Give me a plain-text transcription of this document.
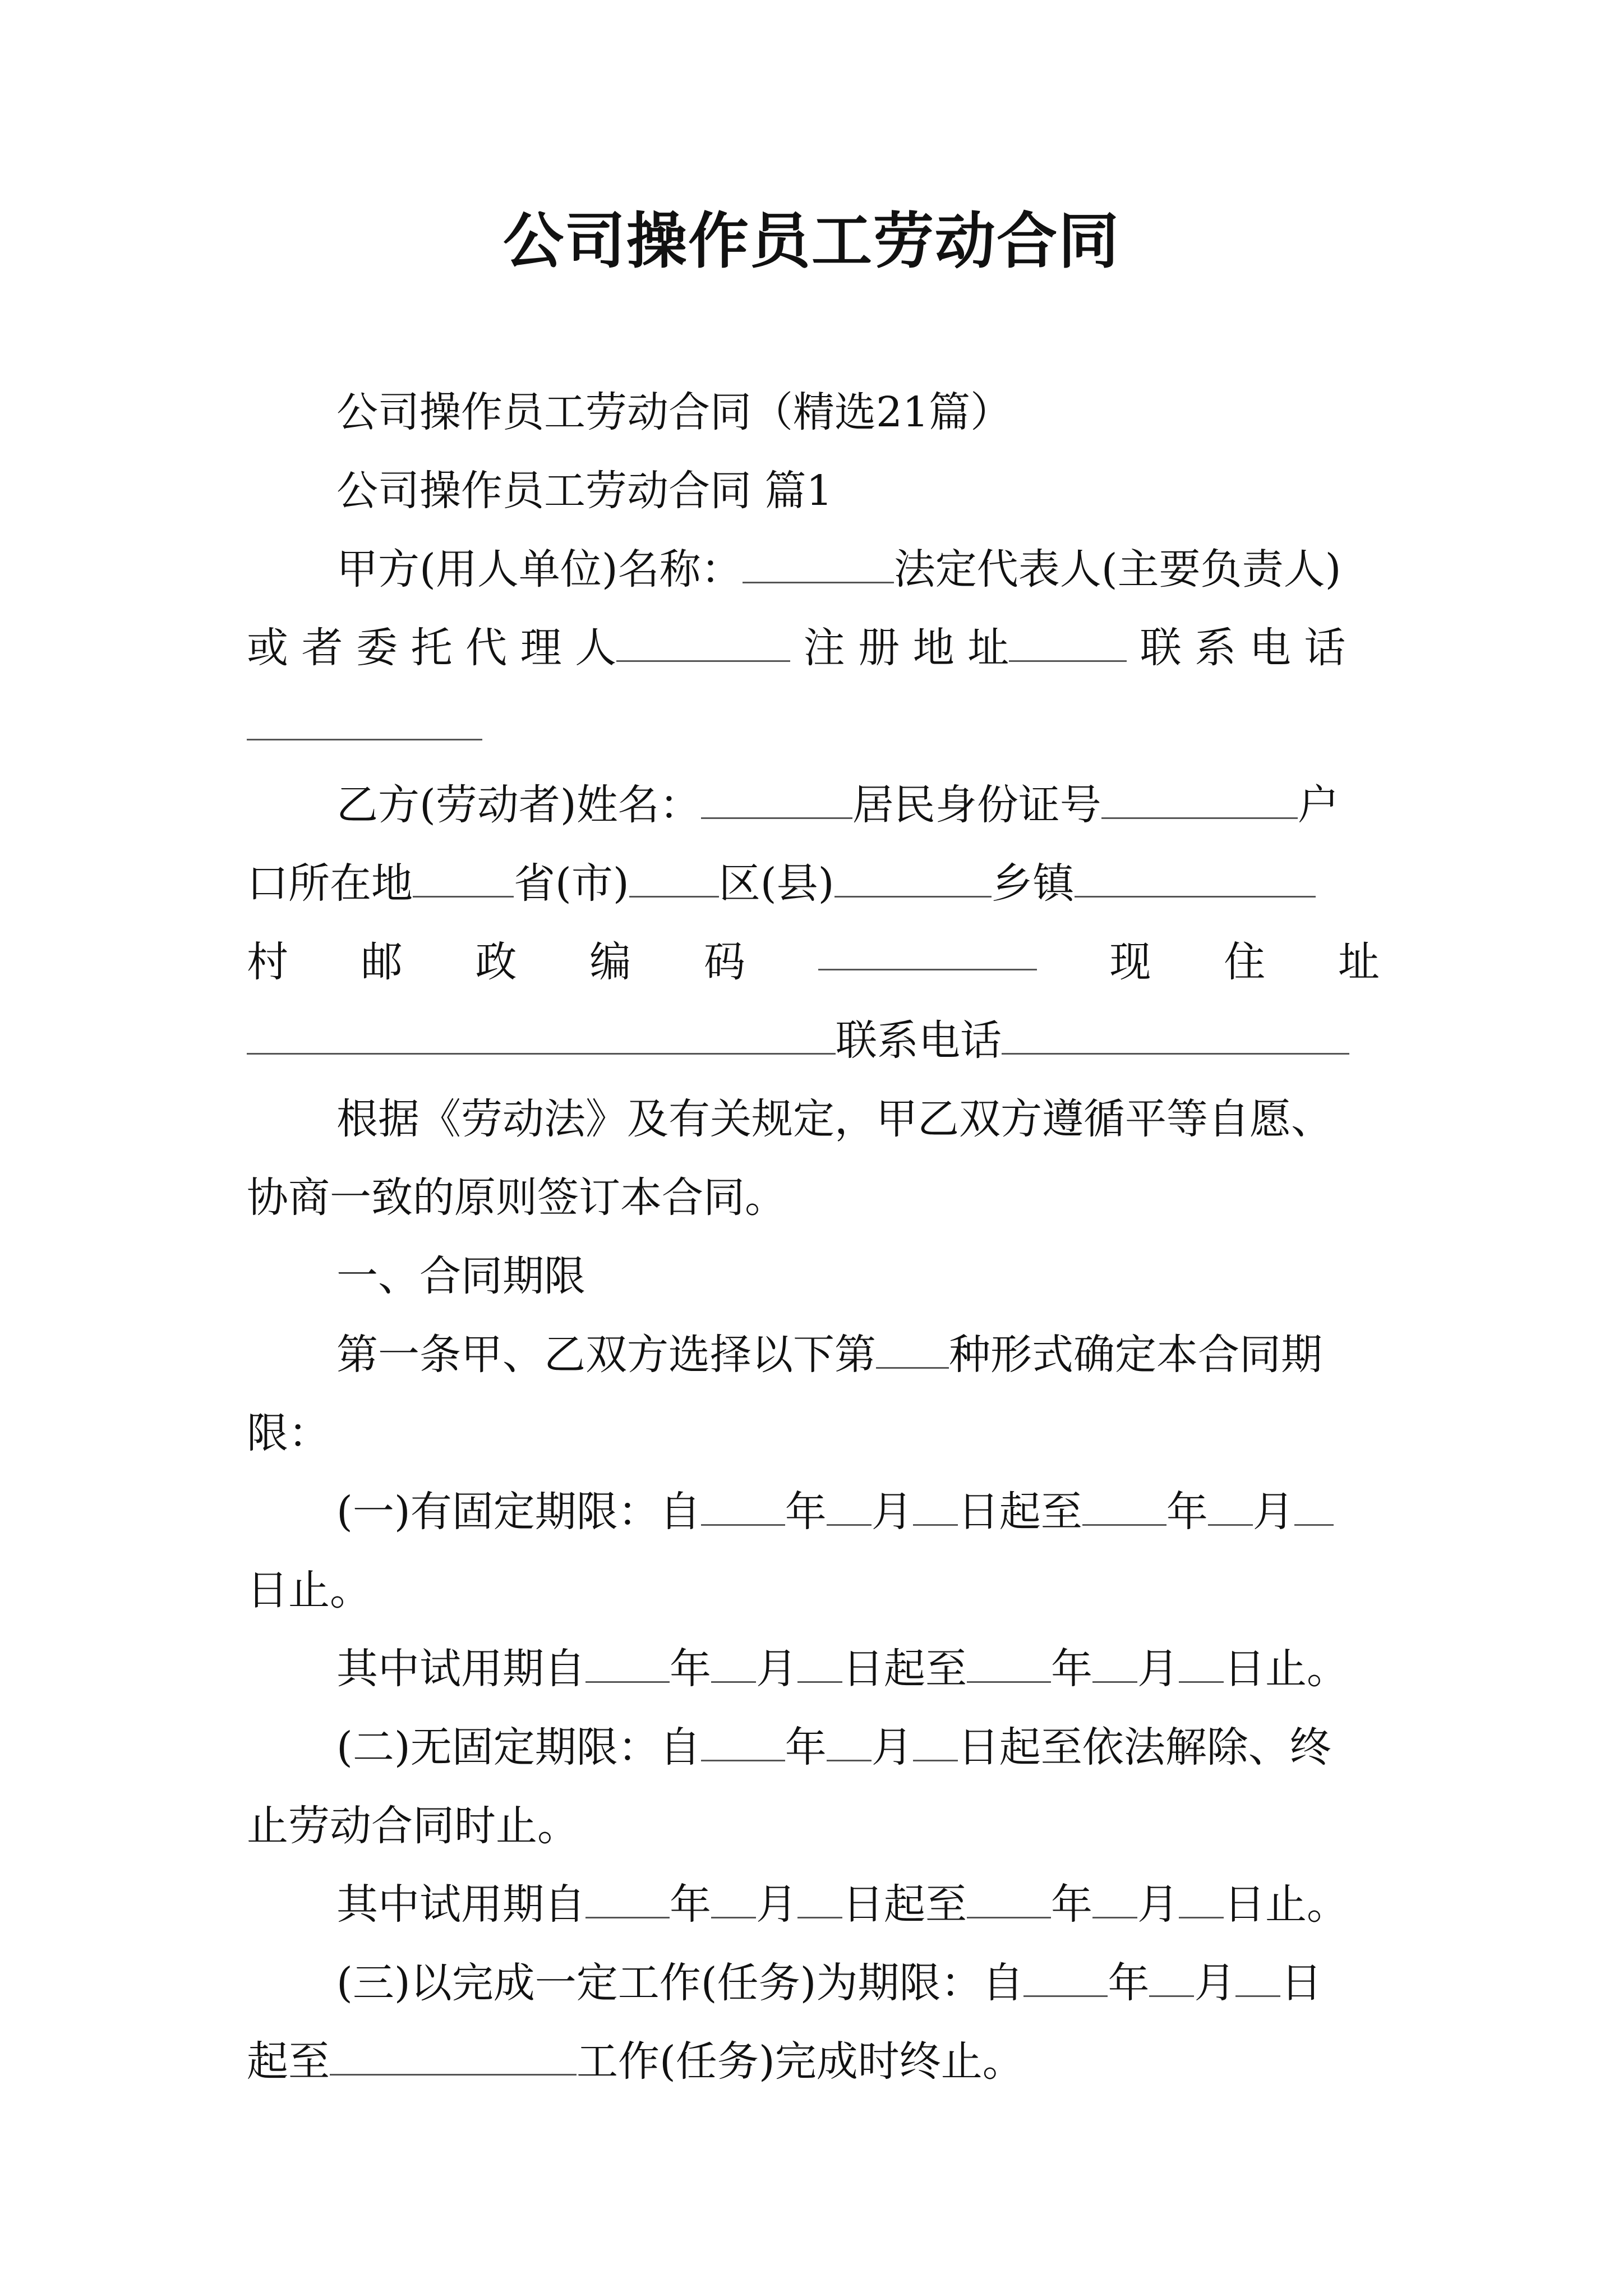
公司操作员工劳动合同
公司操作员工劳动合同（精选21篇）
公司操作员工劳动合同 篇1
甲方(用人单位)名称：	法定代表人(主要负责人)
或 者 委 托 代 理 人	注 册 地 址	联 系 电 话
乙方(劳动者)姓名：	居民身份证号	户
口所在地 省(市) 区(县)	乡镇
村 邮 政 编 码	现 住 址
联系电话
根据《劳动法》及有关规定，甲乙双方遵循平等自愿、
协商一致的原则签订本合同。
一、合同期限
第一条甲、乙双方选择以下第 种形式确定本合同期
限：
(一)有固定期限：自 年 月 日起至 年 月
日止。
其中试用期自 年 月 日起至 年 月 日止。
(二)无固定期限：自 年 月 日起至依法解除、终
止劳动合同时止。
其中试用期自 年 月 日起至 年 月 日止。
(三)以完成一定工作(任务)为期限：自 年 月 日
起至	工作(任务)完成时终止。
